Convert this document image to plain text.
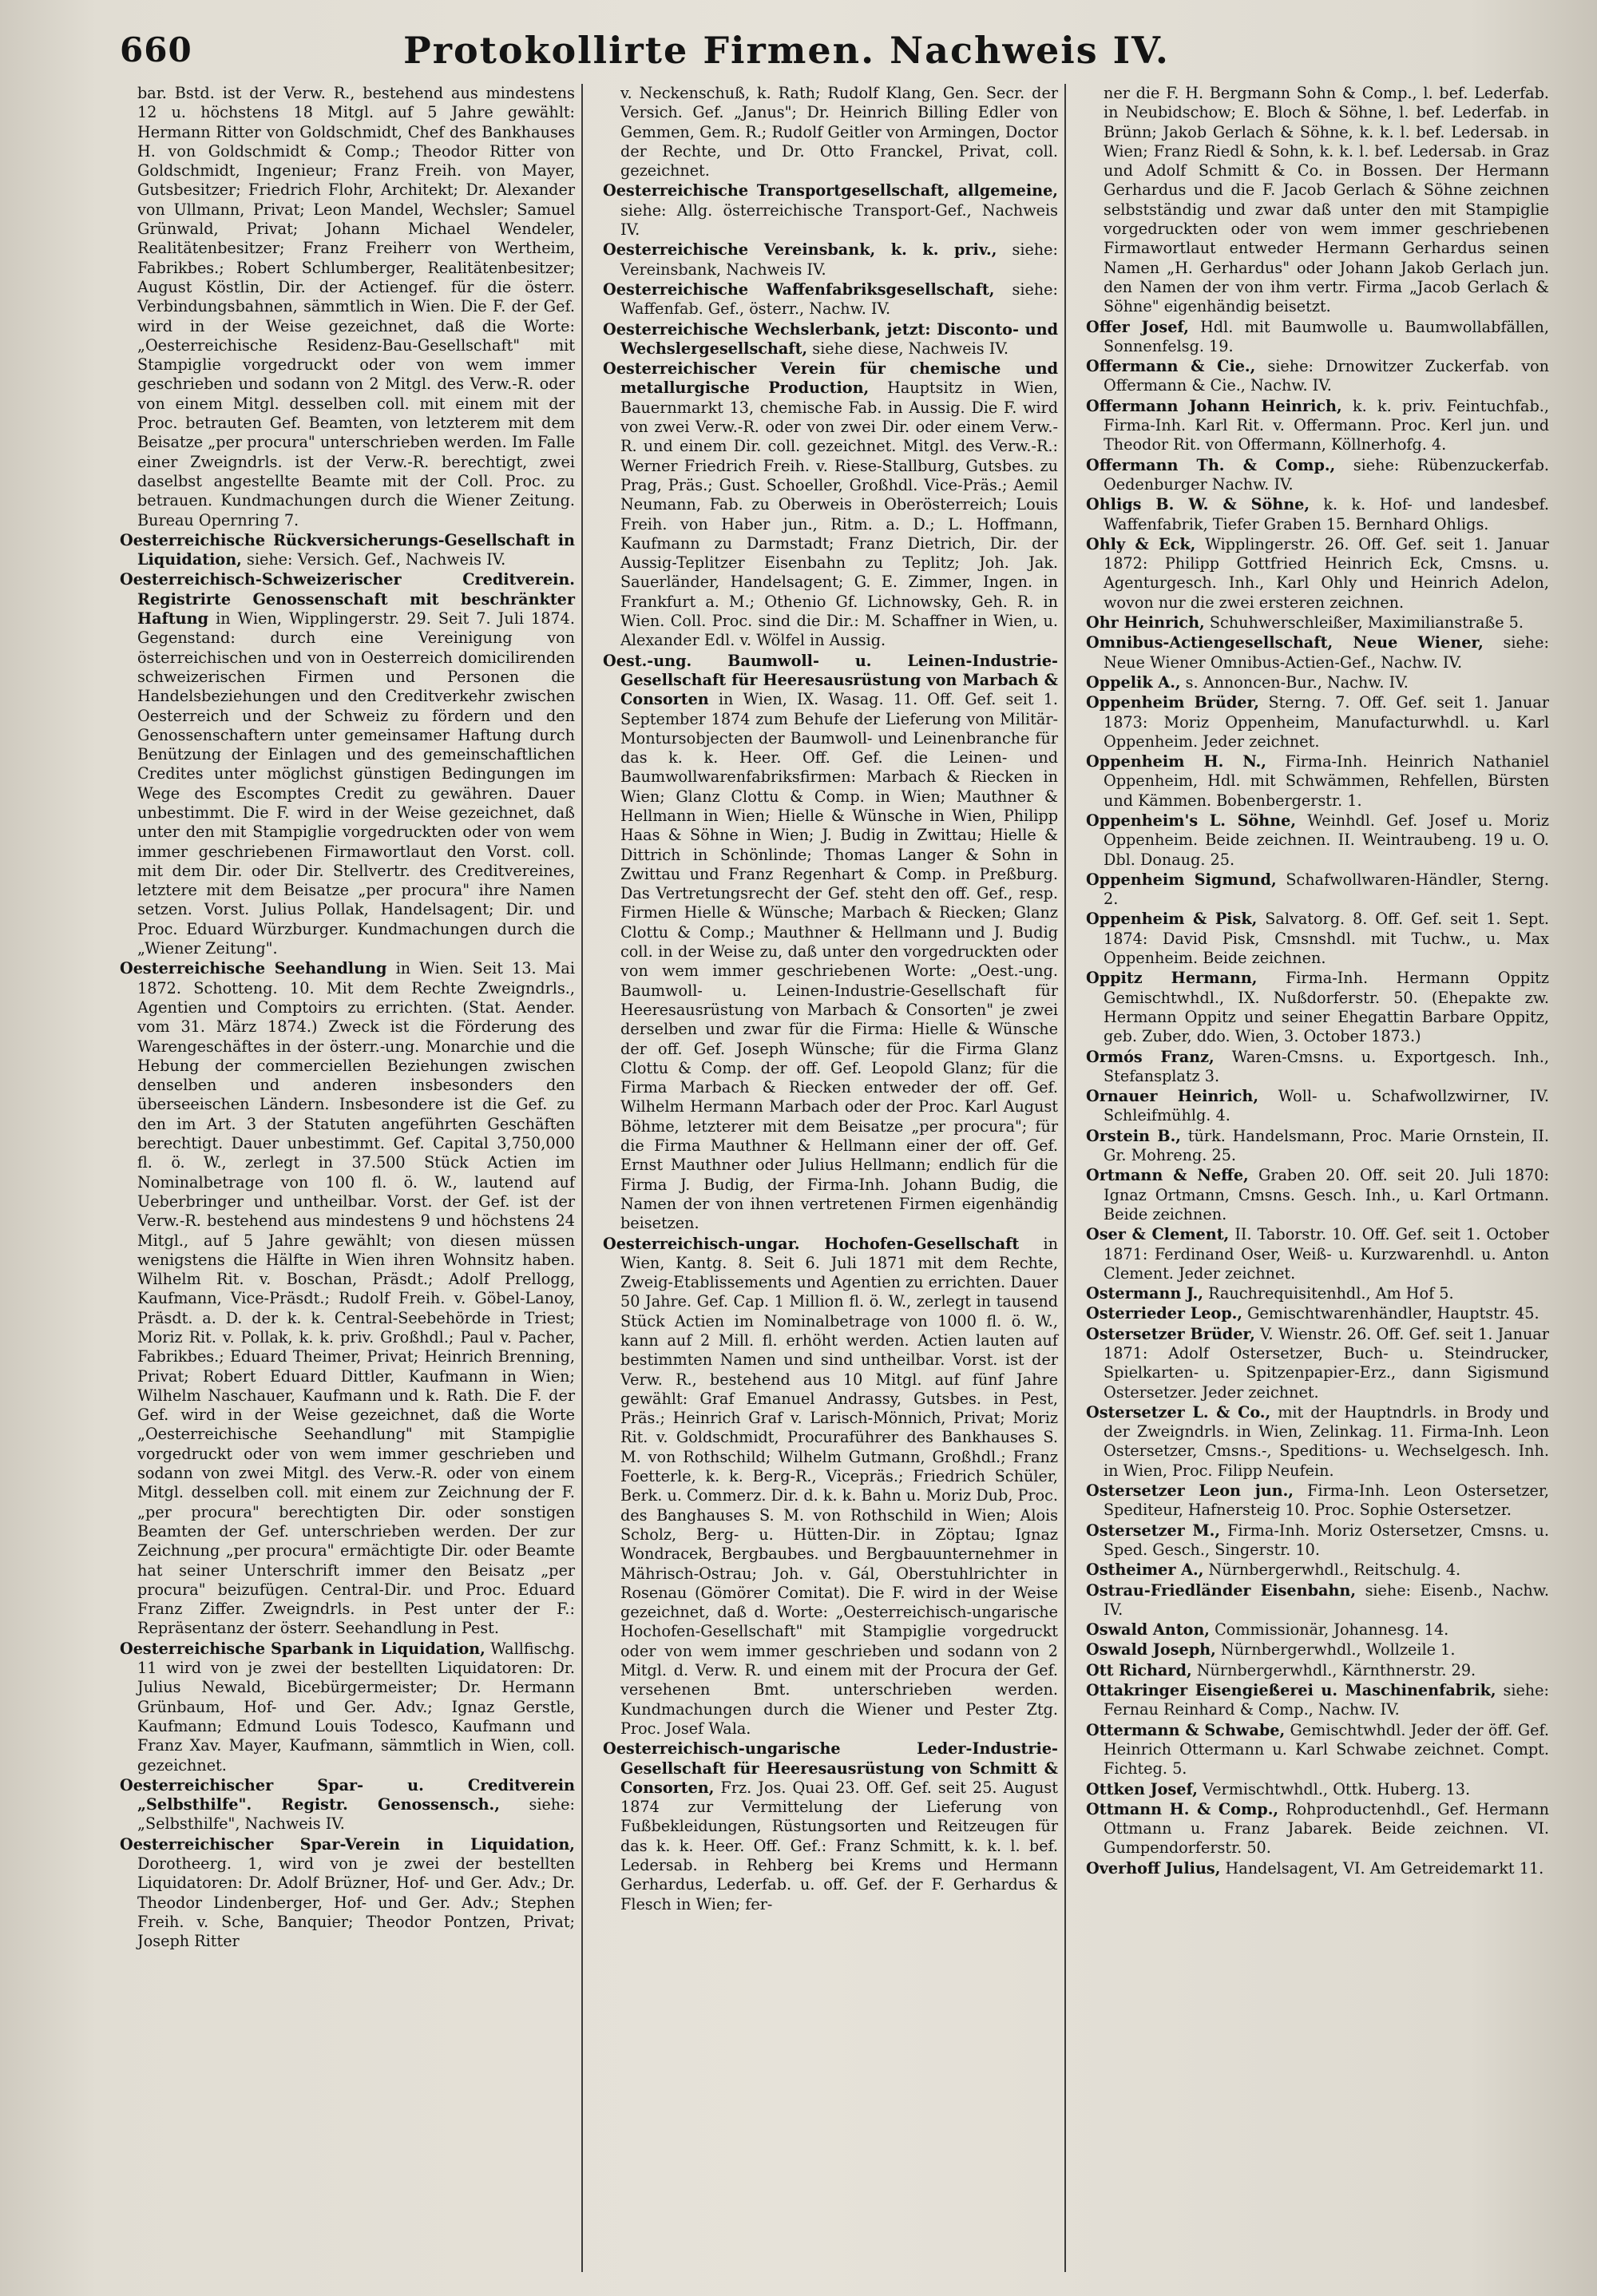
660	Protokollirte Firmen. Nachweis IV.

bar. Bstd. ist der Verw. R., bestehend aus mindestens 12 u. höchstens 18 Mitgl. auf 5 Jahre gewählt: Hermann Ritter von Goldschmidt, Chef des Bankhauses H. von Goldschmidt & Comp.; Theodor Ritter von Goldschmidt, Ingenieur; Franz Freih. von Mayer, Gutsbesitzer; Friedrich Flohr, Architekt; Dr. Alexander von Ullmann, Privat; Leon Mandel, Wechsler; Samuel Grünwald, Privat; Johann Michael Wendeler, Realitätenbesitzer; Franz Freiherr von Wertheim, Fabrikbes.; Robert Schlumberger, Realitätenbesitzer; August Köstlin, Dir. der Actiengef. für die österr. Verbindungsbahnen, sämmtlich in Wien. Die F. der Gef. wird in der Weise gezeichnet, daß die Worte: „Oesterreichische Residenz-Bau-Gesellschaft" mit Stampiglie vorgedruckt oder von wem immer geschrieben und sodann von 2 Mitgl. des Verw.-R. oder von einem Mitgl. desselben coll. mit einem mit der Proc. betrauten Gef. Beamten, von letzterem mit dem Beisatze „per procura" unterschrieben werden. Im Falle einer Zweigndrls. ist der Verw.-R. berechtigt, zwei daselbst angestellte Beamte mit der Coll. Proc. zu betrauen. Kundmachungen durch die Wiener Zeitung. Bureau Opernring 7.

Oesterreichische Rückversicherungs-Gesellschaft in Liquidation, siehe: Versich. Gef., Nachweis IV.

Oesterreichisch-Schweizerischer Creditverein. Registrirte Genossenschaft mit beschränkter Haftung in Wien, Wipplingerstr. 29. Seit 7. Juli 1874. Gegenstand: durch eine Vereinigung von österreichischen und von in Oesterreich domicilirenden schweizerischen Firmen und Personen die Handelsbeziehungen und den Creditverkehr zwischen Oesterreich und der Schweiz zu fördern und den Genossenschaftern unter gemeinsamer Haftung durch Benützung der Einlagen und des gemeinschaftlichen Credites unter möglichst günstigen Bedingungen im Wege des Escomptes Credit zu gewähren. Dauer unbestimmt. Die F. wird in der Weise gezeichnet, daß unter den mit Stampiglie vorgedruckten oder von wem immer geschriebenen Firmawortlaut den Vorst. coll. mit dem Dir. oder Dir. Stellvertr. des Creditvereines, letztere mit dem Beisatze „per procura" ihre Namen setzen. Vorst. Julius Pollak, Handelsagent; Dir. und Proc. Eduard Würzburger. Kundmachungen durch die „Wiener Zeitung".

Oesterreichische Seehandlung in Wien. Seit 13. Mai 1872. Schotteng. 10. Mit dem Rechte Zweigndrls., Agentien und Comptoirs zu errichten. (Stat. Aender. vom 31. März 1874.) Zweck ist die Förderung des Warengeschäftes in der österr.-ung. Monarchie und die Hebung der commerciellen Beziehungen zwischen denselben und anderen insbesonders den überseeischen Ländern. Insbesondere ist die Gef. zu den im Art. 3 der Statuten angeführten Geschäften berechtigt. Dauer unbestimmt. Gef. Capital 3,750,000 fl. ö. W., zerlegt in 37.500 Stück Actien im Nominalbetrage von 100 fl. ö. W., lautend auf Ueberbringer und untheilbar. Vorst. der Gef. ist der Verw.-R. bestehend aus mindestens 9 und höchstens 24 Mitgl., auf 5 Jahre gewählt; von diesen müssen wenigstens die Hälfte in Wien ihren Wohnsitz haben. Wilhelm Rit. v. Boschan, Präsdt.; Adolf Prellogg, Kaufmann, Vice-Präsdt.; Rudolf Freih. v. Göbel-Lanoy, Präsdt. a. D. der k. k. Central-Seebehörde in Triest; Moriz Rit. v. Pollak, k. k. priv. Großhdl.; Paul v. Pacher, Fabrikbes.; Eduard Theimer, Privat; Heinrich Brenning, Privat; Robert Eduard Dittler, Kaufmann in Wien; Wilhelm Naschauer, Kaufmann und k. Rath. Die F. der Gef. wird in der Weise gezeichnet, daß die Worte „Oesterreichische Seehandlung" mit Stampiglie vorgedruckt oder von wem immer geschrieben und sodann von zwei Mitgl. des Verw.-R. oder von einem Mitgl. desselben coll. mit einem zur Zeichnung der F. „per procura" berechtigten Dir. oder sonstigen Beamten der Gef. unterschrieben werden. Der zur Zeichnung „per procura" ermächtigte Dir. oder Beamte hat seiner Unterschrift immer den Beisatz „per procura" beizufügen. Central-Dir. und Proc. Eduard Franz Ziffer. Zweigndrls. in Pest unter der F.: Repräsentanz der österr. Seehandlung in Pest.

Oesterreichische Sparbank in Liquidation, Wallfischg. 11 wird von je zwei der bestellten Liquidatoren: Dr. Julius Newald, Bicebürgermeister; Dr. Hermann Grünbaum, Hof- und Ger. Adv.; Ignaz Gerstle, Kaufmann; Edmund Louis Todesco, Kaufmann und Franz Xav. Mayer, Kaufmann, sämmtlich in Wien, coll. gezeichnet.

Oesterreichischer Spar- u. Creditverein „Selbsthilfe". Registr. Genossensch., siehe: „Selbsthilfe", Nachweis IV.

Oesterreichischer Spar-Verein in Liquidation, Dorotheerg. 1, wird von je zwei der bestellten Liquidatoren: Dr. Adolf Brüzner, Hof- und Ger. Adv.; Dr. Theodor Lindenberger, Hof- und Ger. Adv.; Stephen Freih. v. Sche, Banquier; Theodor Pontzen, Privat; Joseph Ritter

v. Neckenschuß, k. Rath; Rudolf Klang, Gen. Secr. der Versich. Gef. „Janus"; Dr. Heinrich Billing Edler von Gemmen, Gem. R.; Rudolf Geitler von Armingen, Doctor der Rechte, und Dr. Otto Franckel, Privat, coll. gezeichnet.

Oesterreichische Transportgesellschaft, allgemeine, siehe: Allg. österreichische Transport-Gef., Nachweis IV.

Oesterreichische Vereinsbank, k. k. priv., siehe: Vereinsbank, Nachweis IV.

Oesterreichische Waffenfabriksgesellschaft, siehe: Waffenfab. Gef., österr., Nachw. IV.

Oesterreichische Wechslerbank, jetzt: Disconto- und Wechslergesellschaft, siehe diese, Nachweis IV.

Oesterreichischer Verein für chemische und metallurgische Production, Hauptsitz in Wien, Bauernmarkt 13, chemische Fab. in Aussig. Die F. wird von zwei Verw.-R. oder von zwei Dir. oder einem Verw.-R. und einem Dir. coll. gezeichnet. Mitgl. des Verw.-R.: Werner Friedrich Freih. v. Riese-Stallburg, Gutsbes. zu Prag, Präs.; Gust. Schoeller, Großhdl. Vice-Präs.; Aemil Neumann, Fab. zu Oberweis in Oberösterreich; Louis Freih. von Haber jun., Ritm. a. D.; L. Hoffmann, Kaufmann zu Darmstadt; Franz Dietrich, Dir. der Aussig-Teplitzer Eisenbahn zu Teplitz; Joh. Jak. Sauerländer, Handelsagent; G. E. Zimmer, Ingen. in Frankfurt a. M.; Othenio Gf. Lichnowsky, Geh. R. in Wien. Coll. Proc. sind die Dir.: M. Schaffner in Wien, u. Alexander Edl. v. Wölfel in Aussig.

Oest.-ung. Baumwoll- u. Leinen-Industrie-Gesellschaft für Heeresausrüstung von Marbach & Consorten in Wien, IX. Wasag. 11. Off. Gef. seit 1. September 1874 zum Behufe der Lieferung von Militär-Montursobjecten der Baumwoll- und Leinenbranche für das k. k. Heer. Off. Gef. die Leinen- und Baumwollwarenfabriksfirmen: Marbach & Riecken in Wien; Glanz Clottu & Comp. in Wien; Mauthner & Hellmann in Wien; Hielle & Wünsche in Wien, Philipp Haas & Söhne in Wien; J. Budig in Zwittau; Hielle & Dittrich in Schönlinde; Thomas Langer & Sohn in Zwittau und Franz Regenhart & Comp. in Preßburg. Das Vertretungsrecht der Gef. steht den off. Gef., resp. Firmen Hielle & Wünsche; Marbach & Riecken; Glanz Clottu & Comp.; Mauthner & Hellmann und J. Budig coll. in der Weise zu, daß unter den vorgedruckten oder von wem immer geschriebenen Worte: „Oest.-ung. Baumwoll- u. Leinen-Industrie-Gesellschaft für Heeresausrüstung von Marbach & Consorten" je zwei derselben und zwar für die Firma: Hielle & Wünsche der off. Gef. Joseph Wünsche; für die Firma Glanz Clottu & Comp. der off. Gef. Leopold Glanz; für die Firma Marbach & Riecken entweder der off. Gef. Wilhelm Hermann Marbach oder der Proc. Karl August Böhme, letzterer mit dem Beisatze „per procura"; für die Firma Mauthner & Hellmann einer der off. Gef. Ernst Mauthner oder Julius Hellmann; endlich für die Firma J. Budig, der Firma-Inh. Johann Budig, die Namen der von ihnen vertretenen Firmen eigenhändig beisetzen.

Oesterreichisch-ungar. Hochofen-Gesellschaft in Wien, Kantg. 8. Seit 6. Juli 1871 mit dem Rechte, Zweig-Etablissements und Agentien zu errichten. Dauer 50 Jahre. Gef. Cap. 1 Million fl. ö. W., zerlegt in tausend Stück Actien im Nominalbetrage von 1000 fl. ö. W., kann auf 2 Mill. fl. erhöht werden. Actien lauten auf bestimmten Namen und sind untheilbar. Vorst. ist der Verw. R., bestehend aus 10 Mitgl. auf fünf Jahre gewählt: Graf Emanuel Andrassy, Gutsbes. in Pest, Präs.; Heinrich Graf v. Larisch-Mönnich, Privat; Moriz Rit. v. Goldschmidt, Procuraführer des Bankhauses S. M. von Rothschild; Wilhelm Gutmann, Großhdl.; Franz Foetterle, k. k. Berg-R., Vicepräs.; Friedrich Schüler, Berk. u. Commerz. Dir. d. k. k. Bahn u. Moriz Dub, Proc. des Banghauses S. M. von Rothschild in Wien; Alois Scholz, Berg- u. Hütten-Dir. in Zöptau; Ignaz Wondracek, Bergbaubes. und Bergbauunternehmer in Mährisch-Ostrau; Joh. v. Gál, Oberstuhlrichter in Rosenau (Gömörer Comitat). Die F. wird in der Weise gezeichnet, daß d. Worte: „Oesterreichisch-ungarische Hochofen-Gesellschaft" mit Stampiglie vorgedruckt oder von wem immer geschrieben und sodann von 2 Mitgl. d. Verw. R. und einem mit der Procura der Gef. versehenen Bmt. unterschrieben werden. Kundmachungen durch die Wiener und Pester Ztg. Proc. Josef Wala.

Oesterreichisch-ungarische Leder-Industrie-Gesellschaft für Heeresausrüstung von Schmitt & Consorten, Frz. Jos. Quai 23. Off. Gef. seit 25. August 1874 zur Vermittelung der Lieferung von Fußbekleidungen, Rüstungsorten und Reitzeugen für das k. k. Heer. Off. Gef.: Franz Schmitt, k. k. l. bef. Ledersab. in Rehberg bei Krems und Hermann Gerhardus, Lederfab. u. off. Gef. der F. Gerhardus & Flesch in Wien; fer-

ner die F. H. Bergmann Sohn & Comp., l. bef. Lederfab. in Neubidschow; E. Bloch & Söhne, l. bef. Lederfab. in Brünn; Jakob Gerlach & Söhne, k. k. l. bef. Ledersab. in Wien; Franz Riedl & Sohn, k. k. l. bef. Ledersab. in Graz und Adolf Schmitt & Co. in Bossen. Der Hermann Gerhardus und die F. Jacob Gerlach & Söhne zeichnen selbstständig und zwar daß unter den mit Stampiglie vorgedruckten oder von wem immer geschriebenen Firmawortlaut entweder Hermann Gerhardus seinen Namen „H. Gerhardus" oder Johann Jakob Gerlach jun. den Namen der von ihm vertr. Firma „Jacob Gerlach & Söhne" eigenhändig beisetzt.

Offer Josef, Hdl. mit Baumwolle u. Baumwollabfällen, Sonnenfelsg. 19.

Offermann & Cie., siehe: Drnowitzer Zuckerfab. von Offermann & Cie., Nachw. IV.

Offermann Johann Heinrich, k. k. priv. Feintuchfab., Firma-Inh. Karl Rit. v. Offermann. Proc. Kerl jun. und Theodor Rit. von Offermann, Köllnerhofg. 4.

Offermann Th. & Comp., siehe: Rübenzuckerfab. Oedenburger Nachw. IV.

Ohligs B. W. & Söhne, k. k. Hof- und landesbef. Waffenfabrik, Tiefer Graben 15. Bernhard Ohligs.

Ohly & Eck, Wipplingerstr. 26. Off. Gef. seit 1. Januar 1872: Philipp Gottfried Heinrich Eck, Cmsns. u. Agenturgesch. Inh., Karl Ohly und Heinrich Adelon, wovon nur die zwei ersteren zeichnen.

Ohr Heinrich, Schuhwerschleißer, Maximilianstraße 5.

Omnibus-Actiengesellschaft, Neue Wiener, siehe: Neue Wiener Omnibus-Actien-Gef., Nachw. IV.

Oppelik A., s. Annoncen-Bur., Nachw. IV.

Oppenheim Brüder, Sterng. 7. Off. Gef. seit 1. Januar 1873: Moriz Oppenheim, Manufacturwhdl. u. Karl Oppenheim. Jeder zeichnet.

Oppenheim H. N., Firma-Inh. Heinrich Nathaniel Oppenheim, Hdl. mit Schwämmen, Rehfellen, Bürsten und Kämmen. Bobenbergerstr. 1.

Oppenheim's L. Söhne, Weinhdl. Gef. Josef u. Moriz Oppenheim. Beide zeichnen. II. Weintraubeng. 19 u. O. Dbl. Donaug. 25.

Oppenheim Sigmund, Schafwollwaren-Händler, Sterng. 2.

Oppenheim & Pisk, Salvatorg. 8. Off. Gef. seit 1. Sept. 1874: David Pisk, Cmsnshdl. mit Tuchw., u. Max Oppenheim. Beide zeichnen.

Oppitz Hermann, Firma-Inh. Hermann Oppitz Gemischtwhdl., IX. Nußdorferstr. 50. (Ehepakte zw. Hermann Oppitz und seiner Ehegattin Barbare Oppitz, geb. Zuber, ddo. Wien, 3. October 1873.)

Ormós Franz, Waren-Cmsns. u. Exportgesch. Inh., Stefansplatz 3.

Ornauer Heinrich, Woll- u. Schafwollzwirner, IV. Schleifmühlg. 4.

Orstein B., türk. Handelsmann, Proc. Marie Ornstein, II. Gr. Mohreng. 25.

Ortmann & Neffe, Graben 20. Off. seit 20. Juli 1870: Ignaz Ortmann, Cmsns. Gesch. Inh., u. Karl Ortmann. Beide zeichnen.

Oser & Clement, II. Taborstr. 10. Off. Gef. seit 1. October 1871: Ferdinand Oser, Weiß- u. Kurzwarenhdl. u. Anton Clement. Jeder zeichnet.

Ostermann J., Rauchrequisitenhdl., Am Hof 5.

Osterrieder Leop., Gemischtwarenhändler, Hauptstr. 45.

Ostersetzer Brüder, V. Wienstr. 26. Off. Gef. seit 1. Januar 1871: Adolf Ostersetzer, Buch- u. Steindrucker, Spielkarten- u. Spitzenpapier-Erz., dann Sigismund Ostersetzer. Jeder zeichnet.

Ostersetzer L. & Co., mit der Hauptndrls. in Brody und der Zweigndrls. in Wien, Zelinkag. 11. Firma-Inh. Leon Ostersetzer, Cmsns.-, Speditions- u. Wechselgesch. Inh. in Wien, Proc. Filipp Neufein.

Ostersetzer Leon jun., Firma-Inh. Leon Ostersetzer, Spediteur, Hafnersteig 10. Proc. Sophie Ostersetzer.

Ostersetzer M., Firma-Inh. Moriz Ostersetzer, Cmsns. u. Sped. Gesch., Singerstr. 10.

Ostheimer A., Nürnbergerwhdl., Reitschulg. 4.

Ostrau-Friedländer Eisenbahn, siehe: Eisenb., Nachw. IV.

Oswald Anton, Commissionär, Johannesg. 14.

Oswald Joseph, Nürnbergerwhdl., Wollzeile 1.

Ott Richard, Nürnbergerwhdl., Kärnthnerstr. 29.

Ottakringer Eisengießerei u. Maschinenfabrik, siehe: Fernau Reinhard & Comp., Nachw. IV.

Ottermann & Schwabe, Gemischtwhdl. Jeder der öff. Gef. Heinrich Ottermann u. Karl Schwabe zeichnet. Compt. Fichteg. 5.

Ottken Josef, Vermischtwhdl., Ottk. Huberg. 13.

Ottmann H. & Comp., Rohproductenhdl., Gef. Hermann Ottmann u. Franz Jabarek. Beide zeichnen. VI. Gumpendorferstr. 50.

Overhoff Julius, Handelsagent, VI. Am Getreidemarkt 11.
